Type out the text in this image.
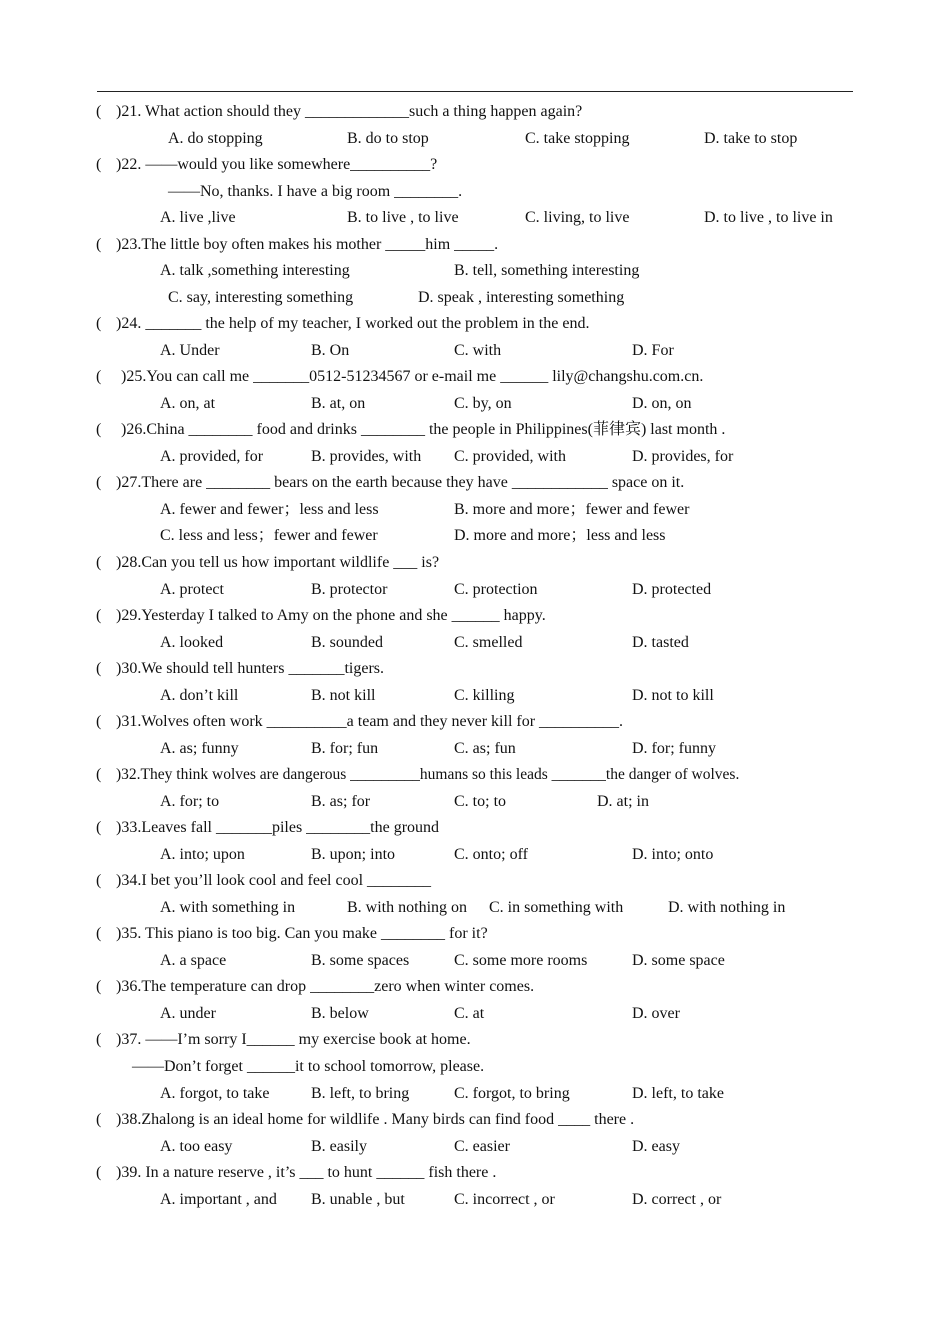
( )21. What action should they _____________such a thing happen again?
A. do stopping	B. do to stop	C. take stopping	D. take to stop
( )22. ——would you like somewhere__________?
——No, thanks. I have a big room ________.
A. live ,live	B. to live , to live	C. living, to live	D. to live , to live in
( )23.The little boy often makes his mother _____him _____.
A. talk ,something interesting	B. tell, something interesting
C. say, interesting something	D. speak , interesting something
( )24. _______ the help of my teacher, I worked out the problem in the end.
A. Under	B. On	C. with	D. For
( )25.You can call me _______0512-51234567 or e-mail me ______ lily@changshu.com.cn.
A. on, at	B. at, on	C. by, on	D. on, on
( )26.China ________ food and drinks ________ the people in Philippines(菲律宾) last month .
A. provided, for	B. provides, with C. provided, with	D. provides, for
( )27.There are ________ bears on the earth because they have ____________ space on it.
A. fewer and fewer；less and less	B. more and more；fewer and fewer
C. less and less；fewer and fewer	D. more and more；less and less
( )28.Can you tell us how important wildlife ___ is?
A. protect	B. protector	C. protection	D. protected
( )29.Yesterday I talked to Amy on the phone and she ______ happy.
A. looked	B. sounded	C. smelled	D. tasted
( )30.We should tell hunters _______tigers.
A. don’t kill	B. not kill	C. killing	D. not to kill
( )31.Wolves often work __________a team and they never kill for __________.
A. as; funny	B. for; fun	C. as; fun	D. for; funny
( )32.They think wolves are dangerous _________humans so this leads _______the danger of wolves.
A. for; to	B. as; for	C. to; to	D. at; in
( )33.Leaves fall _______piles ________the ground
A. into; upon	B. upon; into	C. onto; off	D. into; onto
( )34.I bet you’ll look cool and feel cool ________
A. with something in	B. with nothing on C. in something with	D. with nothing in
( )35. This piano is too big. Can you make ________ for it?
A. a space	B. some spaces	C. some more rooms	D. some space
( )36.The temperature can drop ________zero when winter comes.
A. under	B. below	C. at	D. over
( )37. ——I’m sorry I______ my exercise book at home.
——Don’t forget ______it to school tomorrow, please.
A. forgot, to take	B. left, to bring	C. forgot, to bring	D. left, to take
( )38.Zhalong is an ideal home for wildlife . Many birds can find food ____ there .
A. too easy	B. easily	C. easier	D. easy
( )39. In a nature reserve , it’s ___ to hunt ______ fish there .
A. important , and B. unable , but	C. incorrect , or	D. correct , or
